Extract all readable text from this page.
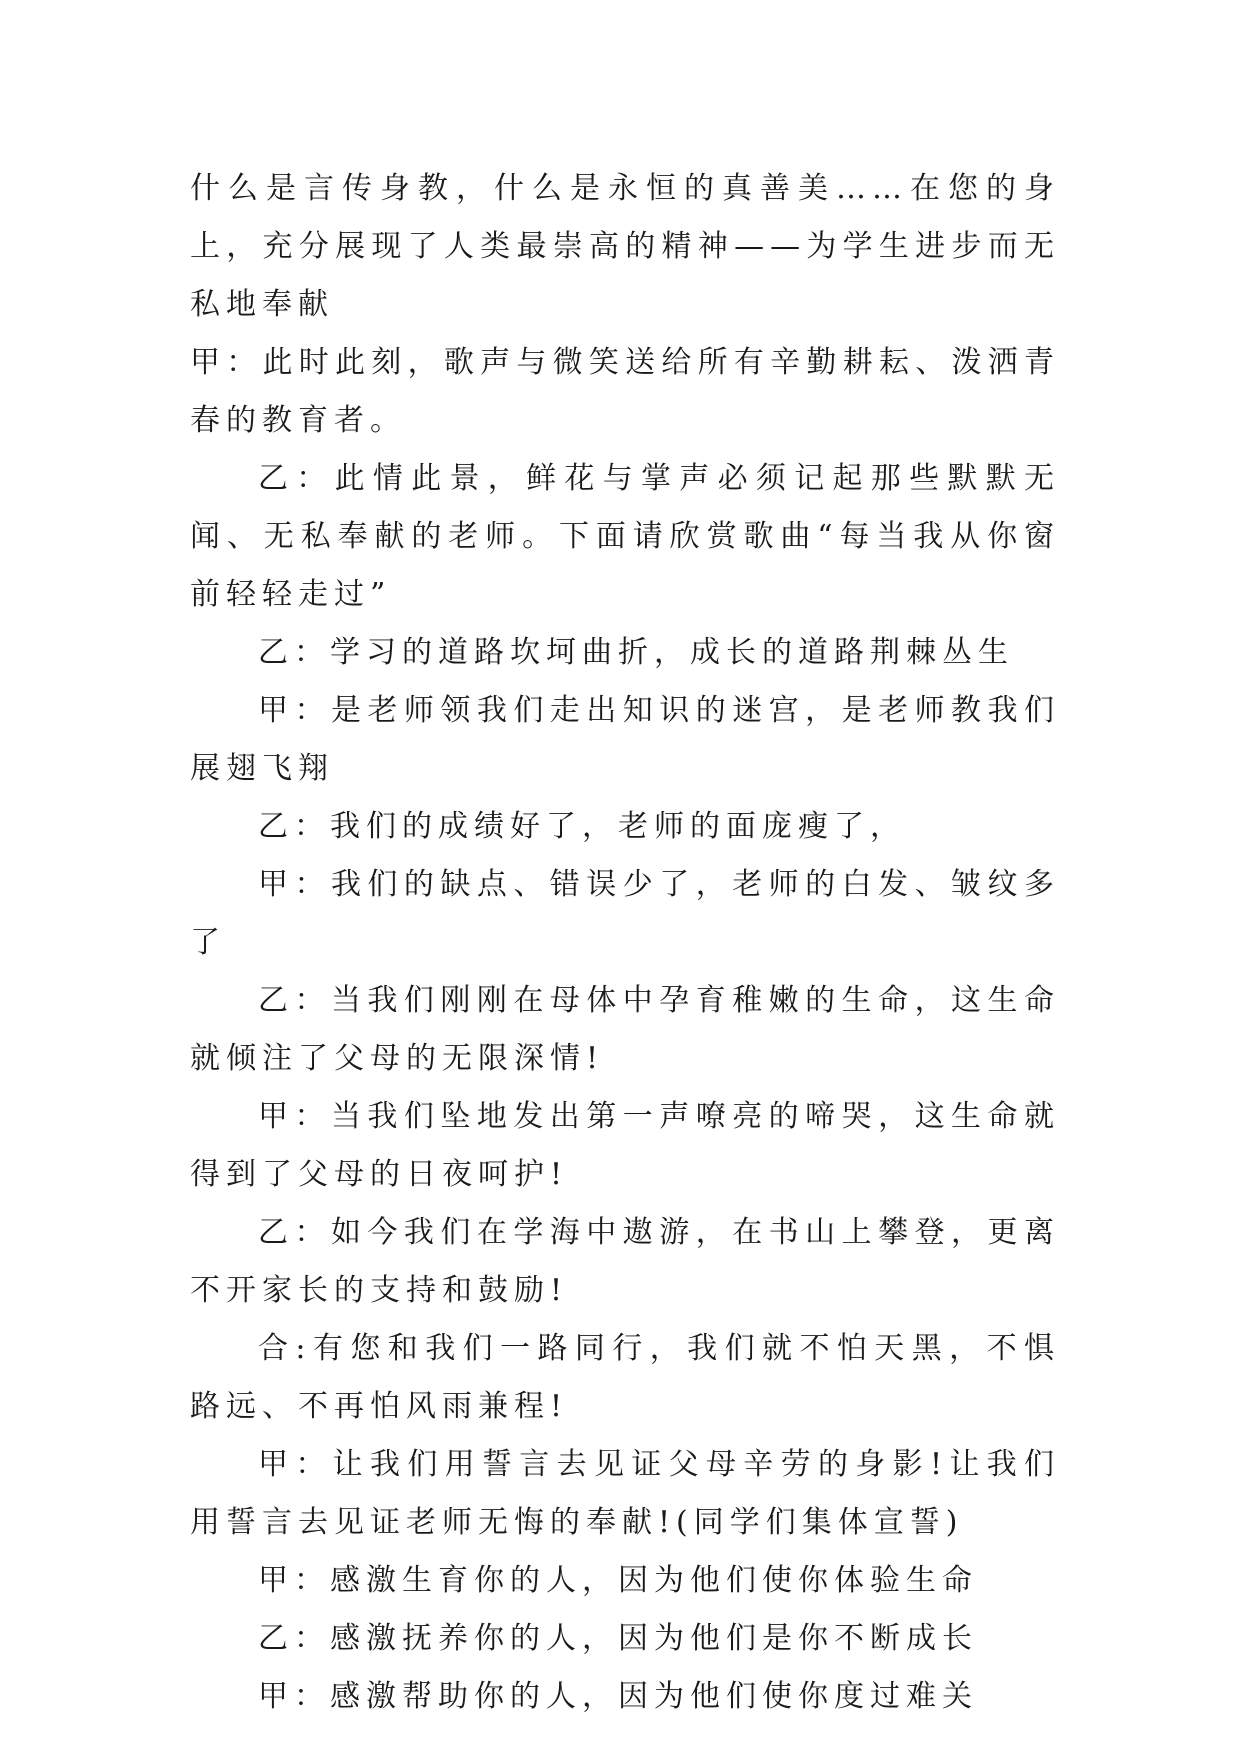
什么是言传身教，什么是永恒的真善美……在您的身上，充分展现了人类最崇高的精神——为学生进步而无私地奉献

甲：此时此刻，歌声与微笑送给所有辛勤耕耘、泼洒青春的教育者。

乙：此情此景，鲜花与掌声必须记起那些默默无闻、无私奉献的老师。下面请欣赏歌曲“每当我从你窗前轻轻走过”

乙：学习的道路坎坷曲折，成长的道路荆棘丛生

甲：是老师领我们走出知识的迷宫，是老师教我们展翅飞翔

乙：我们的成绩好了，老师的面庞瘦了，

甲：我们的缺点、错误少了，老师的白发、皱纹多了

乙：当我们刚刚在母体中孕育稚嫩的生命，这生命就倾注了父母的无限深情!

甲：当我们坠地发出第一声嘹亮的啼哭，这生命就得到了父母的日夜呵护!

乙：如今我们在学海中遨游，在书山上攀登，更离不开家长的支持和鼓励!

合:有您和我们一路同行，我们就不怕天黑，不惧路远、不再怕风雨兼程!

甲：让我们用誓言去见证父母辛劳的身影!让我们用誓言去见证老师无悔的奉献!(同学们集体宣誓)

甲：感激生育你的人，因为他们使你体验生命

乙：感激抚养你的人，因为他们是你不断成长

甲：感激帮助你的人，因为他们使你度过难关
